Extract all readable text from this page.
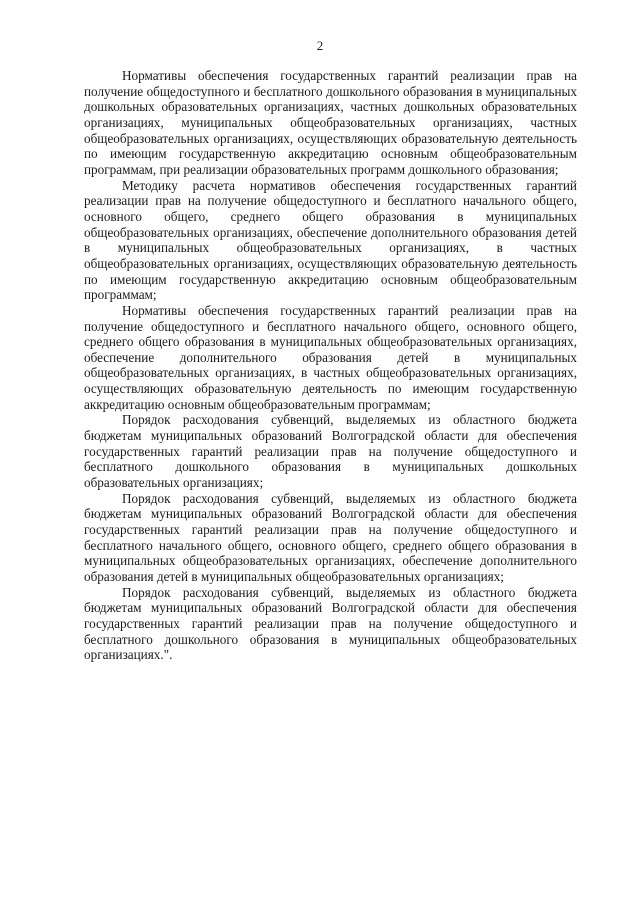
2

Нормативы обеспечения государственных гарантий реализации прав на получение общедоступного и бесплатного дошкольного образования в муниципальных дошкольных образовательных организациях, частных дошкольных образовательных организациях, муниципальных общеобразовательных организациях, частных общеобразовательных организациях, осуществляющих образовательную деятельность по имеющим государственную аккредитацию основным общеобразовательным программам, при реализации образовательных программ дошкольного образования;

Методику расчета нормативов обеспечения государственных гарантий реализации прав на получение общедоступного и бесплатного начального общего, основного общего, среднего общего образования в муниципальных общеобразовательных организациях, обеспечение дополнительного образования детей в муниципальных общеобразовательных организациях, в частных общеобразовательных организациях, осуществляющих образовательную деятельность по имеющим государственную аккредитацию основным общеобразовательным программам;

Нормативы обеспечения государственных гарантий реализации прав на получение общедоступного и бесплатного начального общего, основного общего, среднего общего образования в муниципальных общеобразовательных организациях, обеспечение дополнительного образования детей в муниципальных общеобразовательных организациях, в частных общеобразовательных организациях, осуществляющих образовательную деятельность по имеющим государственную аккредитацию основным общеобразовательным программам;

Порядок расходования субвенций, выделяемых из областного бюджета бюджетам муниципальных образований Волгоградской области для обеспечения государственных гарантий реализации прав на получение общедоступного и бесплатного дошкольного образования в муниципальных дошкольных образовательных организациях;

Порядок расходования субвенций, выделяемых из областного бюджета бюджетам муниципальных образований Волгоградской области для обеспечения государственных гарантий реализации прав на получение общедоступного и бесплатного начального общего, основного общего, среднего общего образования в муниципальных общеобразовательных организациях, обеспечение дополнительного образования детей в муниципальных общеобразовательных организациях;

Порядок расходования субвенций, выделяемых из областного бюджета бюджетам муниципальных образований Волгоградской области для обеспечения государственных гарантий реализации прав на получение общедоступного и бесплатного дошкольного образования в муниципальных общеобразовательных организациях.".
